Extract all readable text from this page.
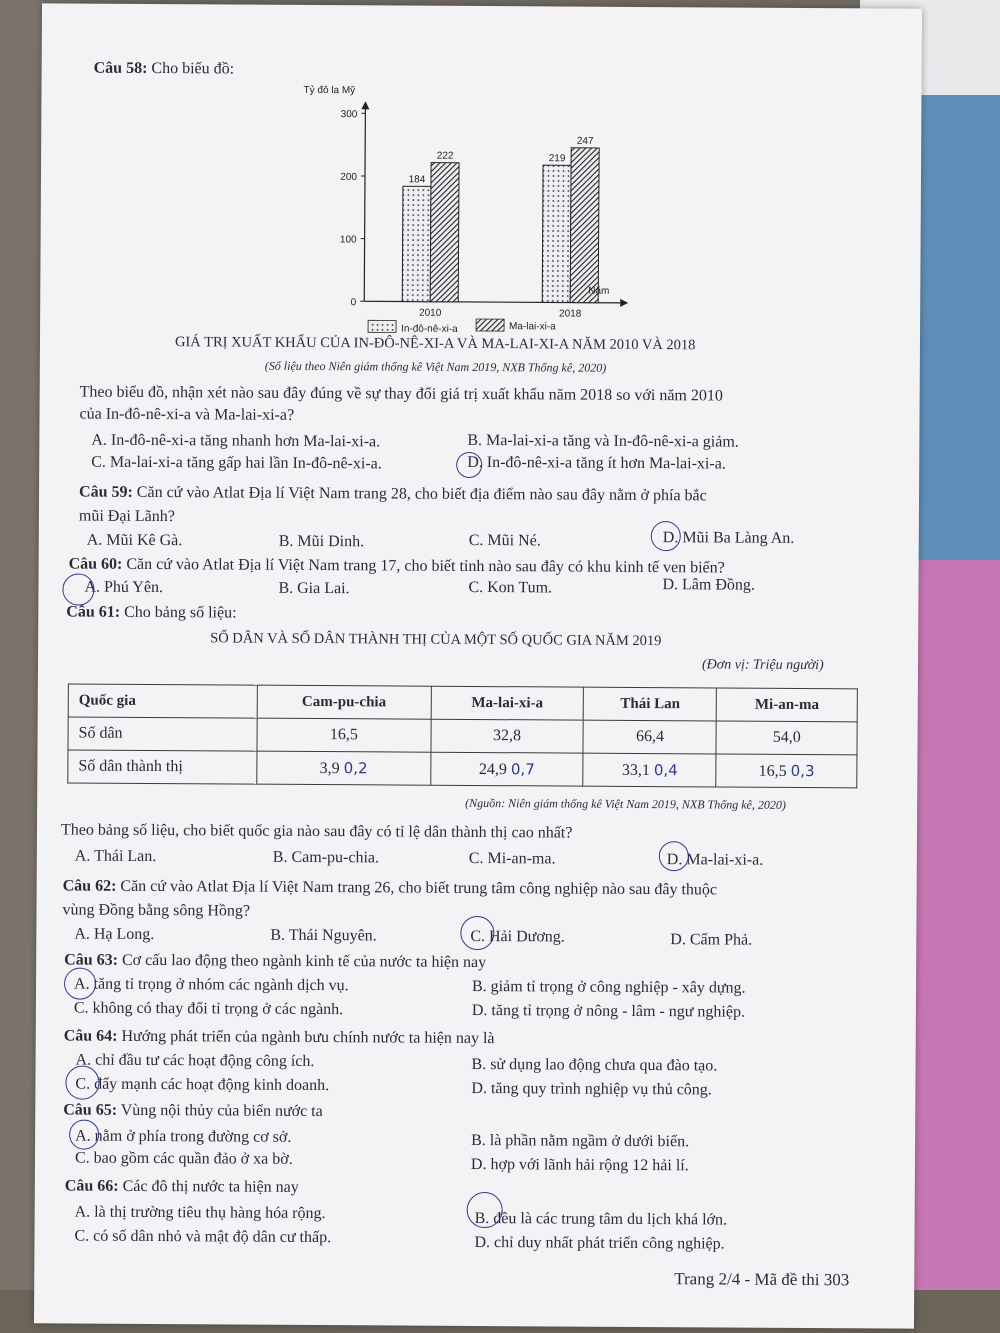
Câu 58: Cho biểu đồ:
Tỷ đô la Mỹ
0
100
200
300
184
222
2010
219
247
2018
Năm
In-đô-nê-xi-a	Ma-lai-xi-a
GIÁ TRỊ XUẤT KHẨU CỦA IN-ĐÔ-NÊ-XI-A VÀ MA-LAI-XI-A NĂM 2010 VÀ 2018
(Số liệu theo Niên giám thống kê Việt Nam 2019, NXB Thống kê, 2020)
Theo biểu đồ, nhận xét nào sau đây đúng về sự thay đổi giá trị xuất khẩu năm 2018 so với năm 2010
của In-đô-nê-xi-a và Ma-lai-xi-a?
A. In-đô-nê-xi-a tăng nhanh hơn Ma-lai-xi-a.	B. Ma-lai-xi-a tăng và In-đô-nê-xi-a giảm.
C. Ma-lai-xi-a tăng gấp hai lần In-đô-nê-xi-a.	D. In-đô-nê-xi-a tăng ít hơn Ma-lai-xi-a.
Câu 59: Căn cứ vào Atlat Địa lí Việt Nam trang 28, cho biết địa điểm nào sau đây nằm ở phía bắc
mũi Đại Lãnh?
A. Mũi Kê Gà.	B. Mũi Dinh.	C. Mũi Né.	D. Mũi Ba Làng An.
Câu 60: Căn cứ vào Atlat Địa lí Việt Nam trang 17, cho biết tỉnh nào sau đây có khu kinh tế ven biển?
A. Phú Yên.	B. Gia Lai.	C. Kon Tum.	D. Lâm Đồng.
Câu 61: Cho bảng số liệu:
SỐ DÂN VÀ SỐ DÂN THÀNH THỊ CỦA MỘT SỐ QUỐC GIA NĂM 2019
(Đơn vị: Triệu người)
Quốc gia	Cam-pu-chia	Ma-lai-xi-a	Thái Lan	Mi-an-ma
Số dân	16,5	32,8	66,4	54,0
Số dân thành thị	3,9 0,2	24,9 0,7	33,1 0,4	16,5 0,3
(Nguồn: Niên giám thống kê Việt Nam 2019, NXB Thống kê, 2020)
Theo bảng số liệu, cho biết quốc gia nào sau đây có tỉ lệ dân thành thị cao nhất?
A. Thái Lan.	B. Cam-pu-chia.	C. Mi-an-ma.	D. Ma-lai-xi-a.
Câu 62: Căn cứ vào Atlat Địa lí Việt Nam trang 26, cho biết trung tâm công nghiệp nào sau đây thuộc
vùng Đồng bằng sông Hồng?
A. Hạ Long.	B. Thái Nguyên.	C. Hải Dương.	D. Cẩm Phả.
Câu 63: Cơ cấu lao động theo ngành kinh tế của nước ta hiện nay
A. tăng tỉ trọng ở nhóm các ngành dịch vụ.	B. giảm tỉ trọng ở công nghiệp - xây dựng.
C. không có thay đổi tỉ trọng ở các ngành.	D. tăng tỉ trọng ở nông - lâm - ngư nghiệp.
Câu 64: Hướng phát triển của ngành bưu chính nước ta hiện nay là
A. chỉ đầu tư các hoạt động công ích.	B. sử dụng lao động chưa qua đào tạo.
C. đẩy mạnh các hoạt động kinh doanh.	D. tăng quy trình nghiệp vụ thủ công.
Câu 65: Vùng nội thủy của biển nước ta
A. nằm ở phía trong đường cơ sở.	B. là phần nằm ngầm ở dưới biển.
C. bao gồm các quần đảo ở xa bờ.	D. hợp với lãnh hải rộng 12 hải lí.
Câu 66: Các đô thị nước ta hiện nay
A. là thị trường tiêu thụ hàng hóa rộng.	B. đều là các trung tâm du lịch khá lớn.
C. có số dân nhỏ và mật độ dân cư thấp.	D. chỉ duy nhất phát triển công nghiệp.
Trang 2/4 - Mã đề thi 303
